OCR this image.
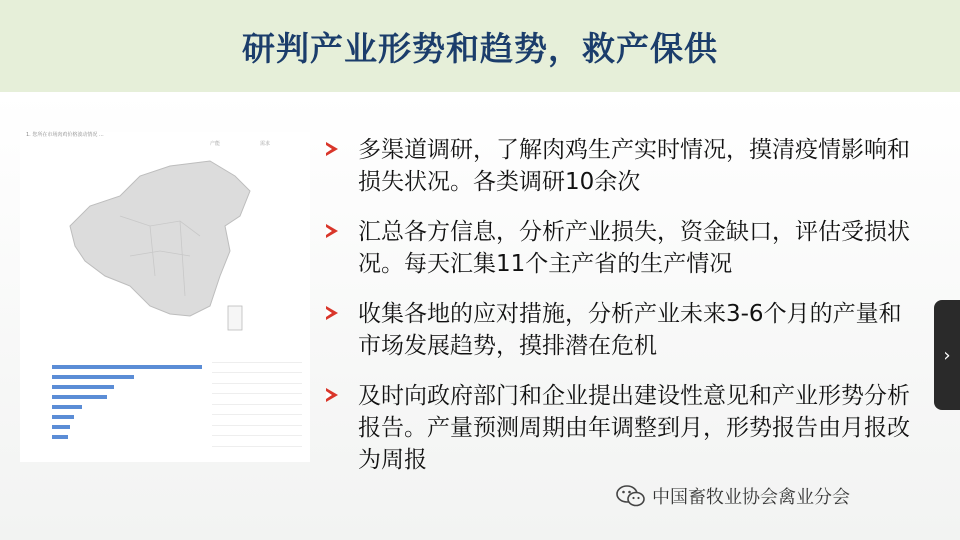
研判产业形势和趋势，救产保供
1. 您所在市场肉鸡价格波动情况 ...
产能	需求	多渠道调研，了解肉鸡生产实时情况，摸清疫情影响和损失状况。各类调研10余次
汇总各方信息，分析产业损失，资金缺口，评估受损状况。每天汇集11个主产省的生产情况
收集各地的应对措施，分析产业未来3-6个月的产量和市场发展趋势，摸排潜在危机
及时向政府部门和企业提出建设性意见和产业形势分析报告。产量预测周期由年调整到月，形势报告由月报改为周报
›
中国畜牧业协会禽业分会
